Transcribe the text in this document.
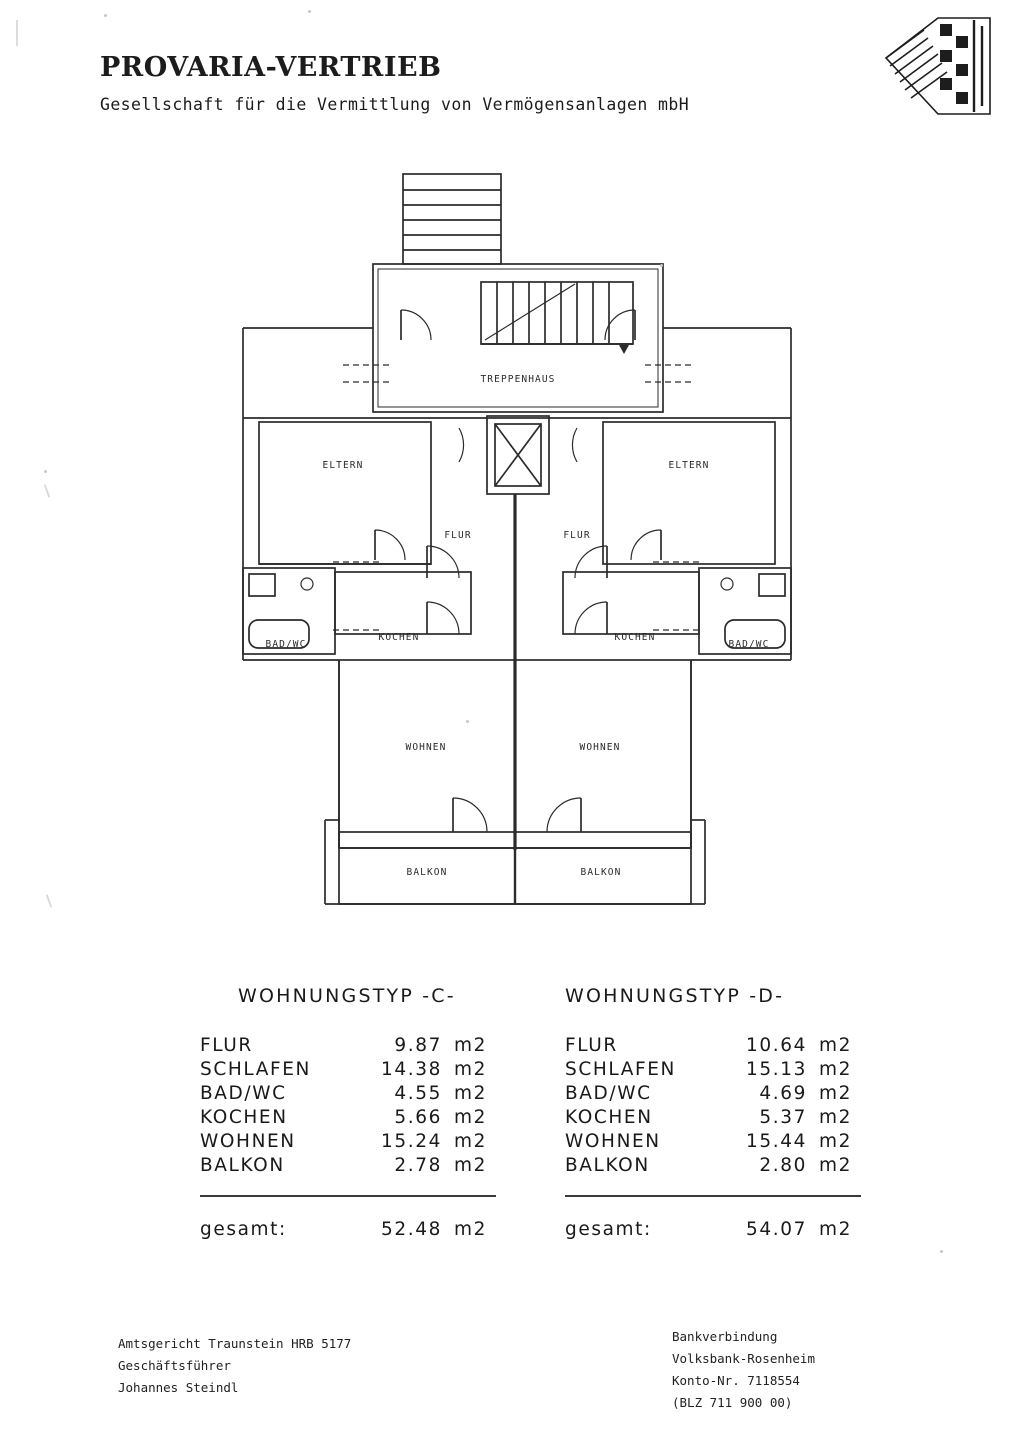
PROVARIA-VERTRIEB
Gesellschaft für die Vermittlung von Vermögensanlagen mbH
TREPPENHAUS
ELTERN	ELTERN
FLUR	FLUR
BAD/WC	BAD/WC
KOCHEN	KOCHEN
WOHNEN	WOHNEN
BALKON	BALKON
WOHNUNGSTYP -C-
FLUR	9.87	m2
SCHLAFEN	14.38	m2
BAD/WC	4.55	m2
KOCHEN	5.66	m2
WOHNEN	15.24	m2
BALKON	2.78	m2
gesamt:	52.48 m2
WOHNUNGSTYP -D-
FLUR	10.64	m2
SCHLAFEN	15.13	m2
BAD/WC	4.69	m2
KOCHEN	5.37	m2
WOHNEN	15.44	m2
BALKON	2.80	m2
gesamt:	54.07 m2
Amtsgericht Traunstein HRB 5177
Geschäftsführer
Johannes Steindl
Bankverbindung
Volksbank-Rosenheim
Konto-Nr. 7118554
(BLZ 711 900 00)
